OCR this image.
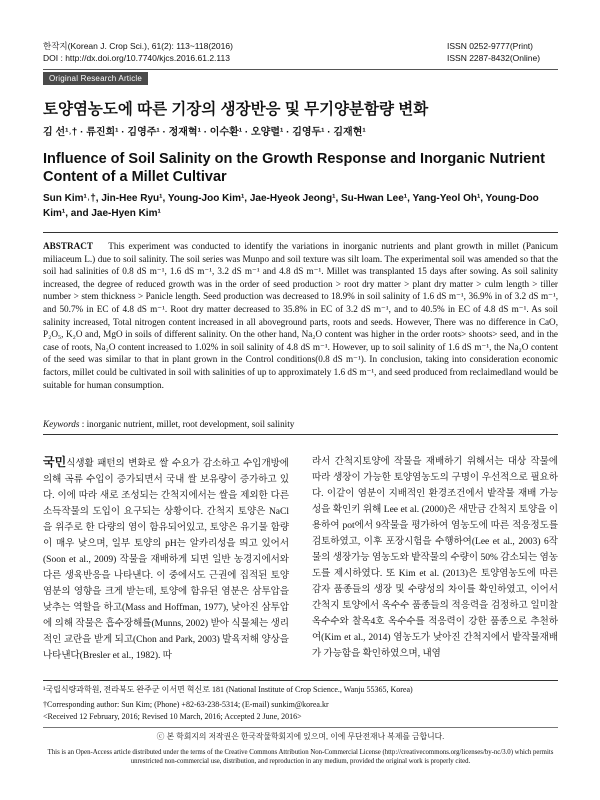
한작지(Korean J. Crop Sci.), 61(2): 113~118(2016)
DOI : http://dx.doi.org/10.7740/kjcs.2016.61.2.113
ISSN 0252-9777(Print)
ISSN 2287-8432(Online)
Original Research Article
토양염농도에 따른 기장의 생장반응 및 무기양분함량 변화
김 선¹˒† · 류진희¹ · 김영주¹ · 정재혁¹ · 이수환¹ · 오양렬¹ · 김영두¹ · 김재현¹
Influence of Soil Salinity on the Growth Response and Inorganic Nutrient Content of a Millet Cultivar
Sun Kim¹˒†, Jin-Hee Ryu¹, Young-Joo Kim¹, Jae-Hyeok Jeong¹, Su-Hwan Lee¹, Yang-Yeol Oh¹, Young-Doo Kim¹, and Jae-Hyen Kim¹
ABSTRACT This experiment was conducted to identify the variations in inorganic nutrients and plant growth in millet (Panicum miliaceum L.) due to soil salinity. The soil series was Munpo and soil texture was silt loam. The experimental soil was amended so that the soil had salinities of 0.8 dS m⁻¹, 1.6 dS m⁻¹, 3.2 dS m⁻¹ and 4.8 dS m⁻¹. Millet was transplanted 15 days after sowing. As soil salinity increased, the degree of reduced growth was in the order of seed production > root dry matter > plant dry matter > culm length > tiller number > stem thickness > Panicle length. Seed production was decreased to 18.9% in soil salinity of 1.6 dS m⁻¹, 36.9% in of 3.2 dS m⁻¹, and 50.7% in EC of 4.8 dS m⁻¹. Root dry matter decreased to 35.8% in EC of 3.2 dS m⁻¹, and to 40.5% in EC of 4.8 dS m⁻¹. As soil salinity increased, Total nitrogen content increased in all aboveground parts, roots and seeds. However, There was no difference in CaO, P₂O₅, K₂O and, MgO in soils of different salinity. On the other hand, Na₂O content was higher in the order roots> shoots> seed, and in the case of roots, Na₂O content increased to 1.02% in soil salinity of 4.8 dS m⁻¹. However, up to soil salinity of 1.6 dS m⁻¹, the Na₂O content of the seed was similar to that in plant grown in the Control conditions(0.8 dS m⁻¹). In conclusion, taking into consideration economic factors, millet could be cultivated in soil with salinities of up to approximately 1.6 dS m⁻¹, and seed produced from reclaimedland would be suitable for human consumption.
Keywords : inorganic nutrient, millet, root development, soil salinity

국민식생활 패턴의 변화로 쌀 수요가 감소하고 수입개방에 의해 곡류 수입이 증가되면서 국내 쌀 보유량이 증가하고 있다. 이에 따라 새로 조성되는 간척지에서는 쌀을 제외한 다른 소득작물의 도입이 요구되는 상황이다. 간척지 토양은 NaCl을 위주로 한 다량의 염이 함유되어있고, 토양은 유기물 함량이 매우 낮으며, 일부 토양의 pH는 알카리성을 띄고 있어서(Soon et al., 2009) 작물을 재배하게 되면 일반 농경지에서와 다른 생육반응을 나타낸다. 이 중에서도 근권에 집적된 토양염분의 영향을 크게 받는데, 토양에 함유된 염분은 삼투압을 낮추는 역할을 하고(Mass and Hoffman, 1977), 낮아진 삼투압에 의해 작물은 흡수장해를(Munns, 2002) 받아 식물체는 생리적인 교란을 받게 되고(Chon and Park, 2003) 발육저해 양상을 나타낸다(Bresler et al., 1982). 따

라서 간척지토양에 작물을 재배하기 위해서는 대상 작물에 따라 생장이 가능한 토양염농도의 구명이 우선적으로 필요하다. 이같이 염분이 지배적인 환경조건에서 밭작물 재배 가능성을 확인키 위해 Lee et al. (2000)은 새만금 간척지 토양을 이용하여 pot에서 9작물을 평가하여 염농도에 따른 적응정도를 검토하였고, 이후 포장시험을 수행하여(Lee et al., 2003) 6작물의 생장가능 염농도와 밭작물의 수량이 50% 감소되는 염농도를 제시하였다. 또 Kim et al. (2013)은 토양염농도에 따른 감자 품종들의 생장 및 수량성의 차이를 확인하였고, 이어서 간척지 토양에서 옥수수 품종들의 적응력을 검정하고 일미찰옥수수와 찰옥4호 옥수수를 적응력이 강한 품종으로 추천하여(Kim et al., 2014) 염농도가 낮아진 간척지에서 밭작물재배가 가능함을 확인하였으며, 내염

¹국립식량과학원, 전라북도 완주군 이서면 혁신로 181 (National Institute of Crop Science., Wanju 55365, Korea)
†Corresponding author: Sun Kim; (Phone) +82-63-238-5314; (E-mail) sunkim@korea.kr
<Received 12 February, 2016; Revised 10 March, 2016; Accepted 2 June, 2016>
ⓒ 본 학회지의 저작권은 한국작물학회지에 있으며, 이에 무단전재나 복제를 금합니다.
This is an Open-Access article distributed under the terms of the Creative Commons Attribution Non-Commercial License (http://creativecommons.org/licenses/by-nc/3.0) which permits unrestricted non-commercial use, distribution, and reproduction in any medium, provided the original work is properly cited.
